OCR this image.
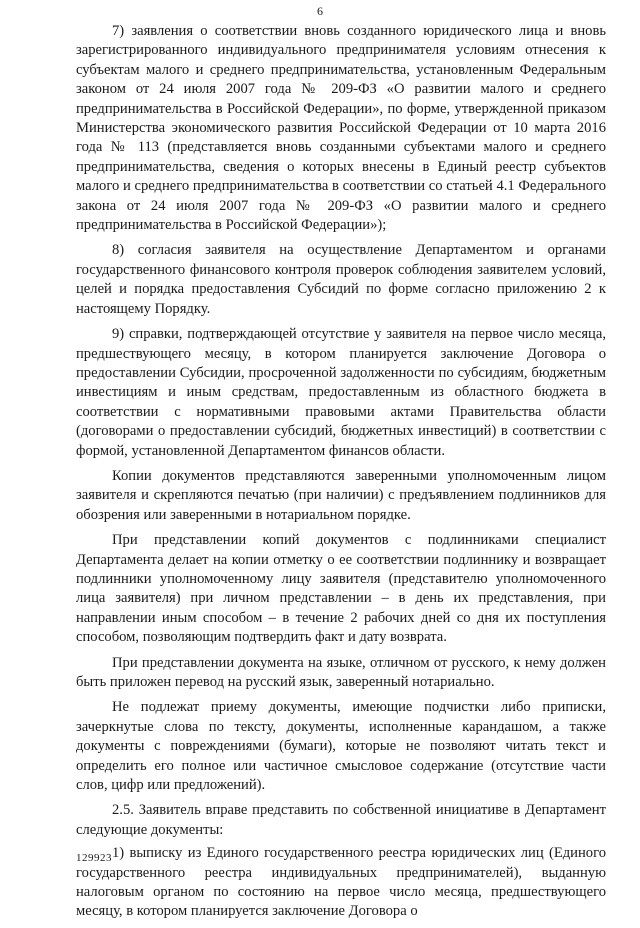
6

7) заявления о соответствии вновь созданного юридического лица и вновь зарегистрированного индивидуального предпринимателя условиям отнесения к субъектам малого и среднего предпринимательства, установленным Федеральным законом от 24 июля 2007 года № 209-ФЗ «О развитии малого и среднего предпринимательства в Российской Федерации», по форме, утвержденной приказом Министерства экономического развития Российской Федерации от 10 марта 2016 года № 113 (представляется вновь созданными субъектами малого и среднего предпринимательства, сведения о которых внесены в Единый реестр субъектов малого и среднего предпринимательства в соответствии со статьей 4.1 Федерального закона от 24 июля 2007 года № 209-ФЗ «О развитии малого и среднего предпринимательства в Российской Федерации»);

8) согласия заявителя на осуществление Департаментом и органами государственного финансового контроля проверок соблюдения заявителем условий, целей и порядка предоставления Субсидий по форме согласно приложению 2 к настоящему Порядку.

9) справки, подтверждающей отсутствие у заявителя на первое число месяца, предшествующего месяцу, в котором планируется заключение Договора о предоставлении Субсидии, просроченной задолженности по субсидиям, бюджетным инвестициям и иным средствам, предоставленным из областного бюджета в соответствии с нормативными правовыми актами Правительства области (договорами о предоставлении субсидий, бюджетных инвестиций) в соответствии с формой, установленной Департаментом финансов области.

Копии документов представляются заверенными уполномоченным лицом заявителя и скрепляются печатью (при наличии) с предъявлением подлинников для обозрения или заверенными в нотариальном порядке.

При представлении копий документов с подлинниками специалист Департамента делает на копии отметку о ее соответствии подлиннику и возвращает подлинники уполномоченному лицу заявителя (представителю уполномоченного лица заявителя) при личном представлении – в день их представления, при направлении иным способом – в течение 2 рабочих дней со дня их поступления способом, позволяющим подтвердить факт и дату возврата.

При представлении документа на языке, отличном от русского, к нему должен быть приложен перевод на русский язык, заверенный нотариально.

Не подлежат приему документы, имеющие подчистки либо приписки, зачеркнутые слова по тексту, документы, исполненные карандашом, а также документы с повреждениями (бумаги), которые не позволяют читать текст и определить его полное или частичное смысловое содержание (отсутствие части слов, цифр или предложений).

2.5. Заявитель вправе представить по собственной инициативе в Департамент следующие документы:

1) выписку из Единого государственного реестра юридических лиц (Единого государственного реестра индивидуальных предпринимателей), выданную налоговым органом по состоянию на первое число месяца, предшествующего месяцу, в котором планируется заключение Договора о

129923
